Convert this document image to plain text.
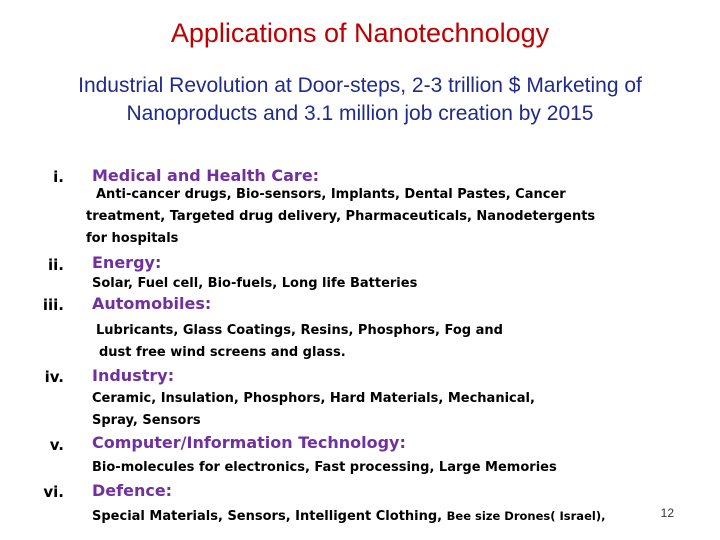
Applications of Nanotechnology
Industrial Revolution at Door-steps, 2-3 trillion $ Marketing of
Nanoproducts and 3.1 million job creation by 2015
i. Medical and Health Care:
Anti-cancer drugs, Bio-sensors, Implants, Dental Pastes, Cancer
treatment, Targeted drug delivery, Pharmaceuticals, Nanodetergents
for hospitals
ii. Energy:
Solar, Fuel cell, Bio-fuels, Long life Batteries
iii. Automobiles:
Lubricants, Glass Coatings, Resins, Phosphors, Fog and
dust free wind screens and glass.
iv. Industry:
Ceramic, Insulation, Phosphors, Hard Materials, Mechanical,
Spray, Sensors
v. Computer/Information Technology:
Bio-molecules for electronics, Fast processing, Large Memories
vi. Defence:
Special Materials, Sensors, Intelligent Clothing, Bee size Drones( Israel),	12
